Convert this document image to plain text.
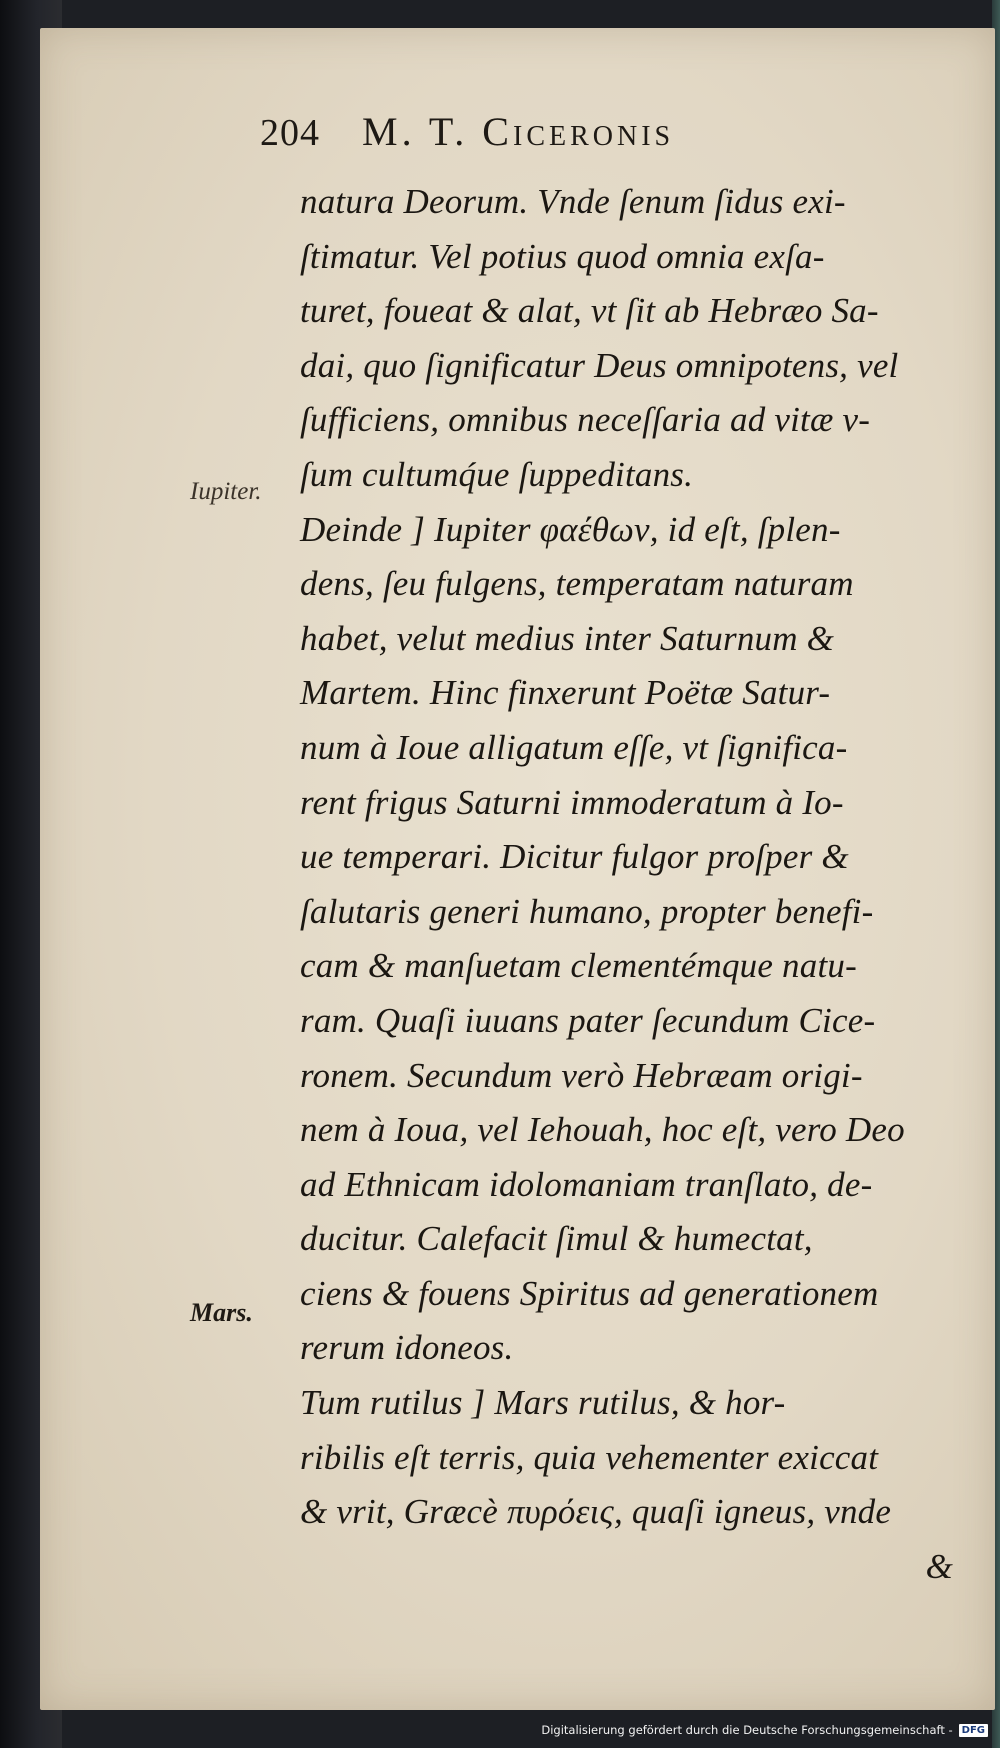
204 M. T. Ciceronis
Iupiter.
Mars.
natura Deorum. Vnde ſenum ſidus exi-
ſtimatur. Vel potius quod omnia exſa-
turet, foueat & alat, vt ſit ab Hebræo Sa-
dai, quo ſignificatur Deus omnipotens, vel
ſufficiens, omnibus neceſſaria ad vitæ v-
ſum cultumq́ue ſuppeditans.
Deinde ] Iupiter φαέθων, id eſt, ſplen-
dens, ſeu fulgens, temperatam naturam
habet, velut medius inter Saturnum &
Martem. Hinc finxerunt Poëtæ Satur-
num à Ioue alligatum eſſe, vt ſignifica-
rent frigus Saturni immoderatum à Io-
ue temperari. Dicitur fulgor proſper &
ſalutaris generi humano, propter benefi-
cam & manſuetam clementémque natu-
ram. Quaſi iuuans pater ſecundum Cice-
ronem. Secundum verò Hebræam origi-
nem à Ioua, vel Iehouah, hoc eſt, vero Deo
ad Ethnicam idolomaniam tranſlato, de-
ducitur. Calefacit ſimul & humectat,
ciens & fouens Spiritus ad generationem
rerum idoneos.
Tum rutilus ] Mars rutilus, & hor-
ribilis eſt terris, quia vehementer exiccat
& vrit, Græcè πυρόεις, quaſi igneus, vnde
&
Digitalisierung gefördert durch die Deutsche Forschungsgemeinschaft - DFG
